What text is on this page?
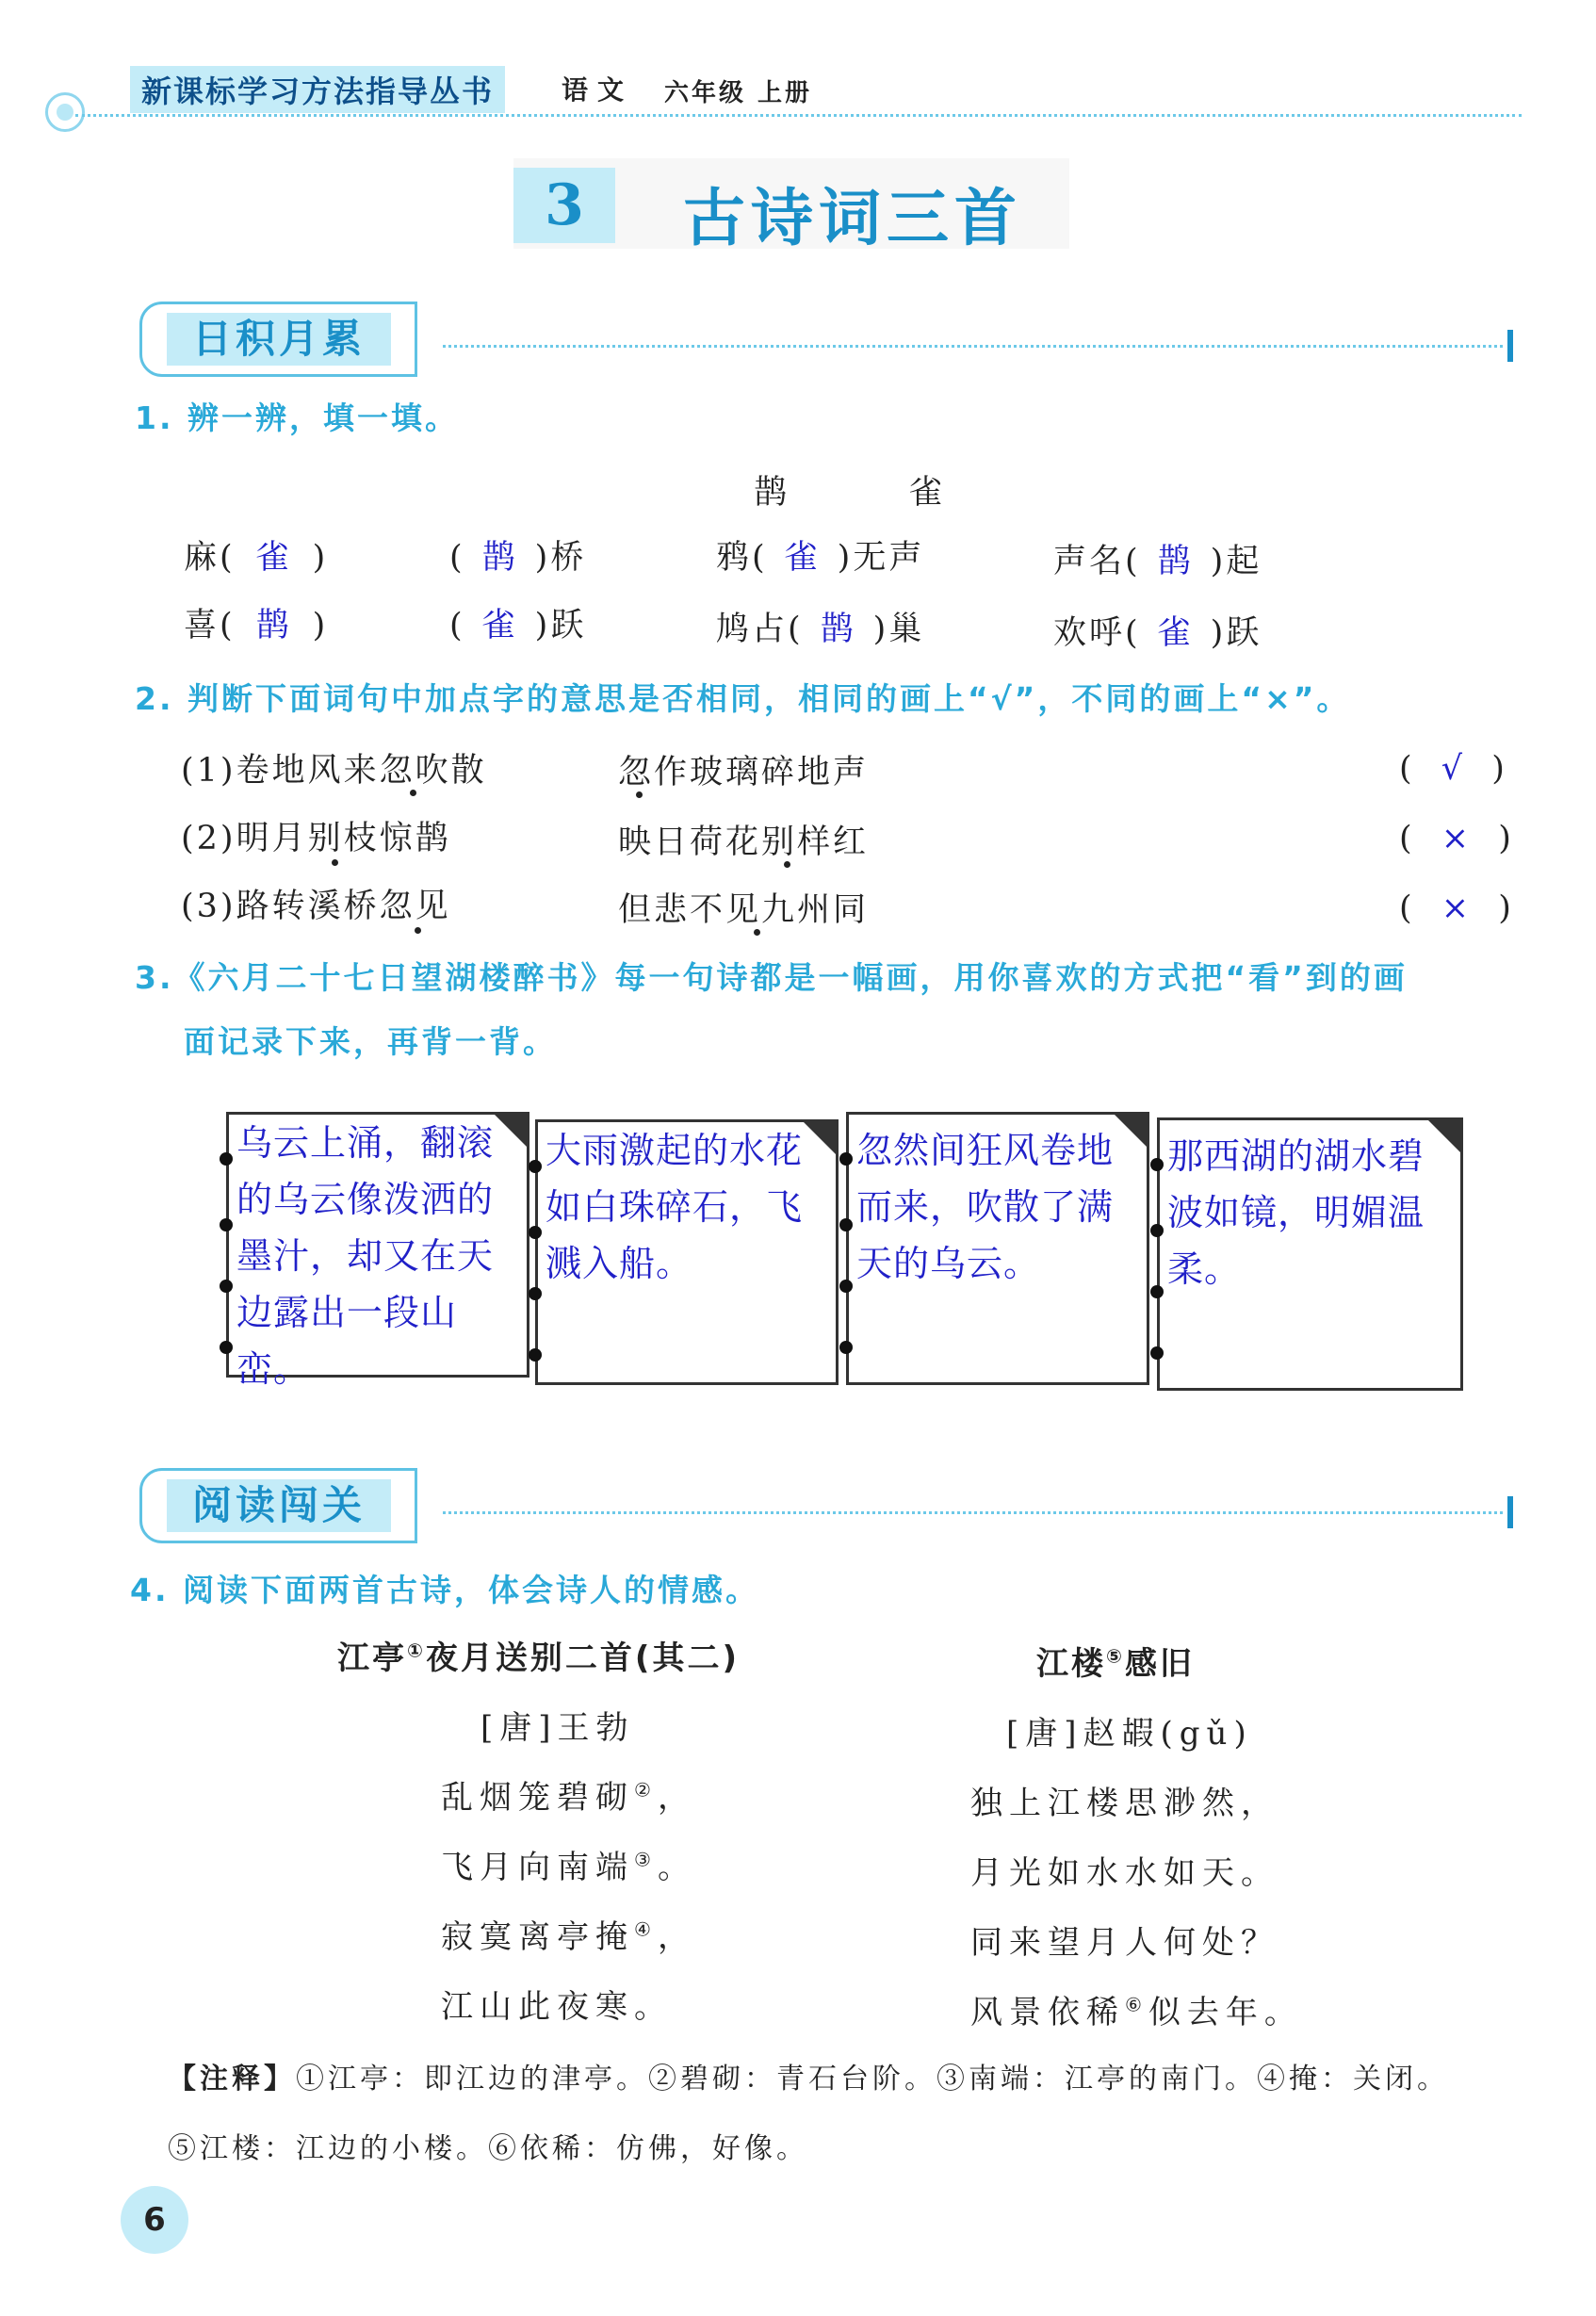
新课标学习方法指导丛书	语文 六年级 上册
3	古诗词三首
日积月累
1. 辨一辨，填一填。
鹊	雀
麻( 雀 )	( 鹊 )桥	鸦( 雀 )无声	声名( 鹊 )起
喜( 鹊 )	( 雀 )跃	鸠占( 鹊 )巢	欢呼( 雀 )跃
2. 判断下面词句中加点字的意思是否相同，相同的画上“√”，不同的画上“×”。
(1)卷地风来忽吹散	忽作玻璃碎地声	( √ )
(2)明月别枝惊鹊	映日荷花别样红	( × )
(3)路转溪桥忽见	但悲不见九州同	( × )
3.《六月二十七日望湖楼醉书》每一句诗都是一幅画，用你喜欢的方式把“看”到的画
面记录下来，再背一背。
乌云上涌，翻滚的乌云像泼洒的墨汁，却又在天边露出一段山峦。
大雨激起的水花如白珠碎石，飞溅入船。
忽然间狂风卷地而来，吹散了满天的乌云。
那西湖的湖水碧波如镜，明媚温柔。
阅读闯关
4. 阅读下面两首古诗，体会诗人的情感。
江亭①夜月送别二首(其二)
[唐]王勃
乱烟笼碧砌②，
飞月向南端③。
寂寞离亭掩④，
江山此夜寒。
江楼⑤感旧
[唐]赵嘏(gǔ)
独上江楼思渺然，
月光如水水如天。
同来望月人何处？
风景依稀⑥似去年。
【注释】①江亭：即江边的津亭。②碧砌：青石台阶。③南端：江亭的南门。④掩：关闭。
⑤江楼：江边的小楼。⑥依稀：仿佛，好像。
6
